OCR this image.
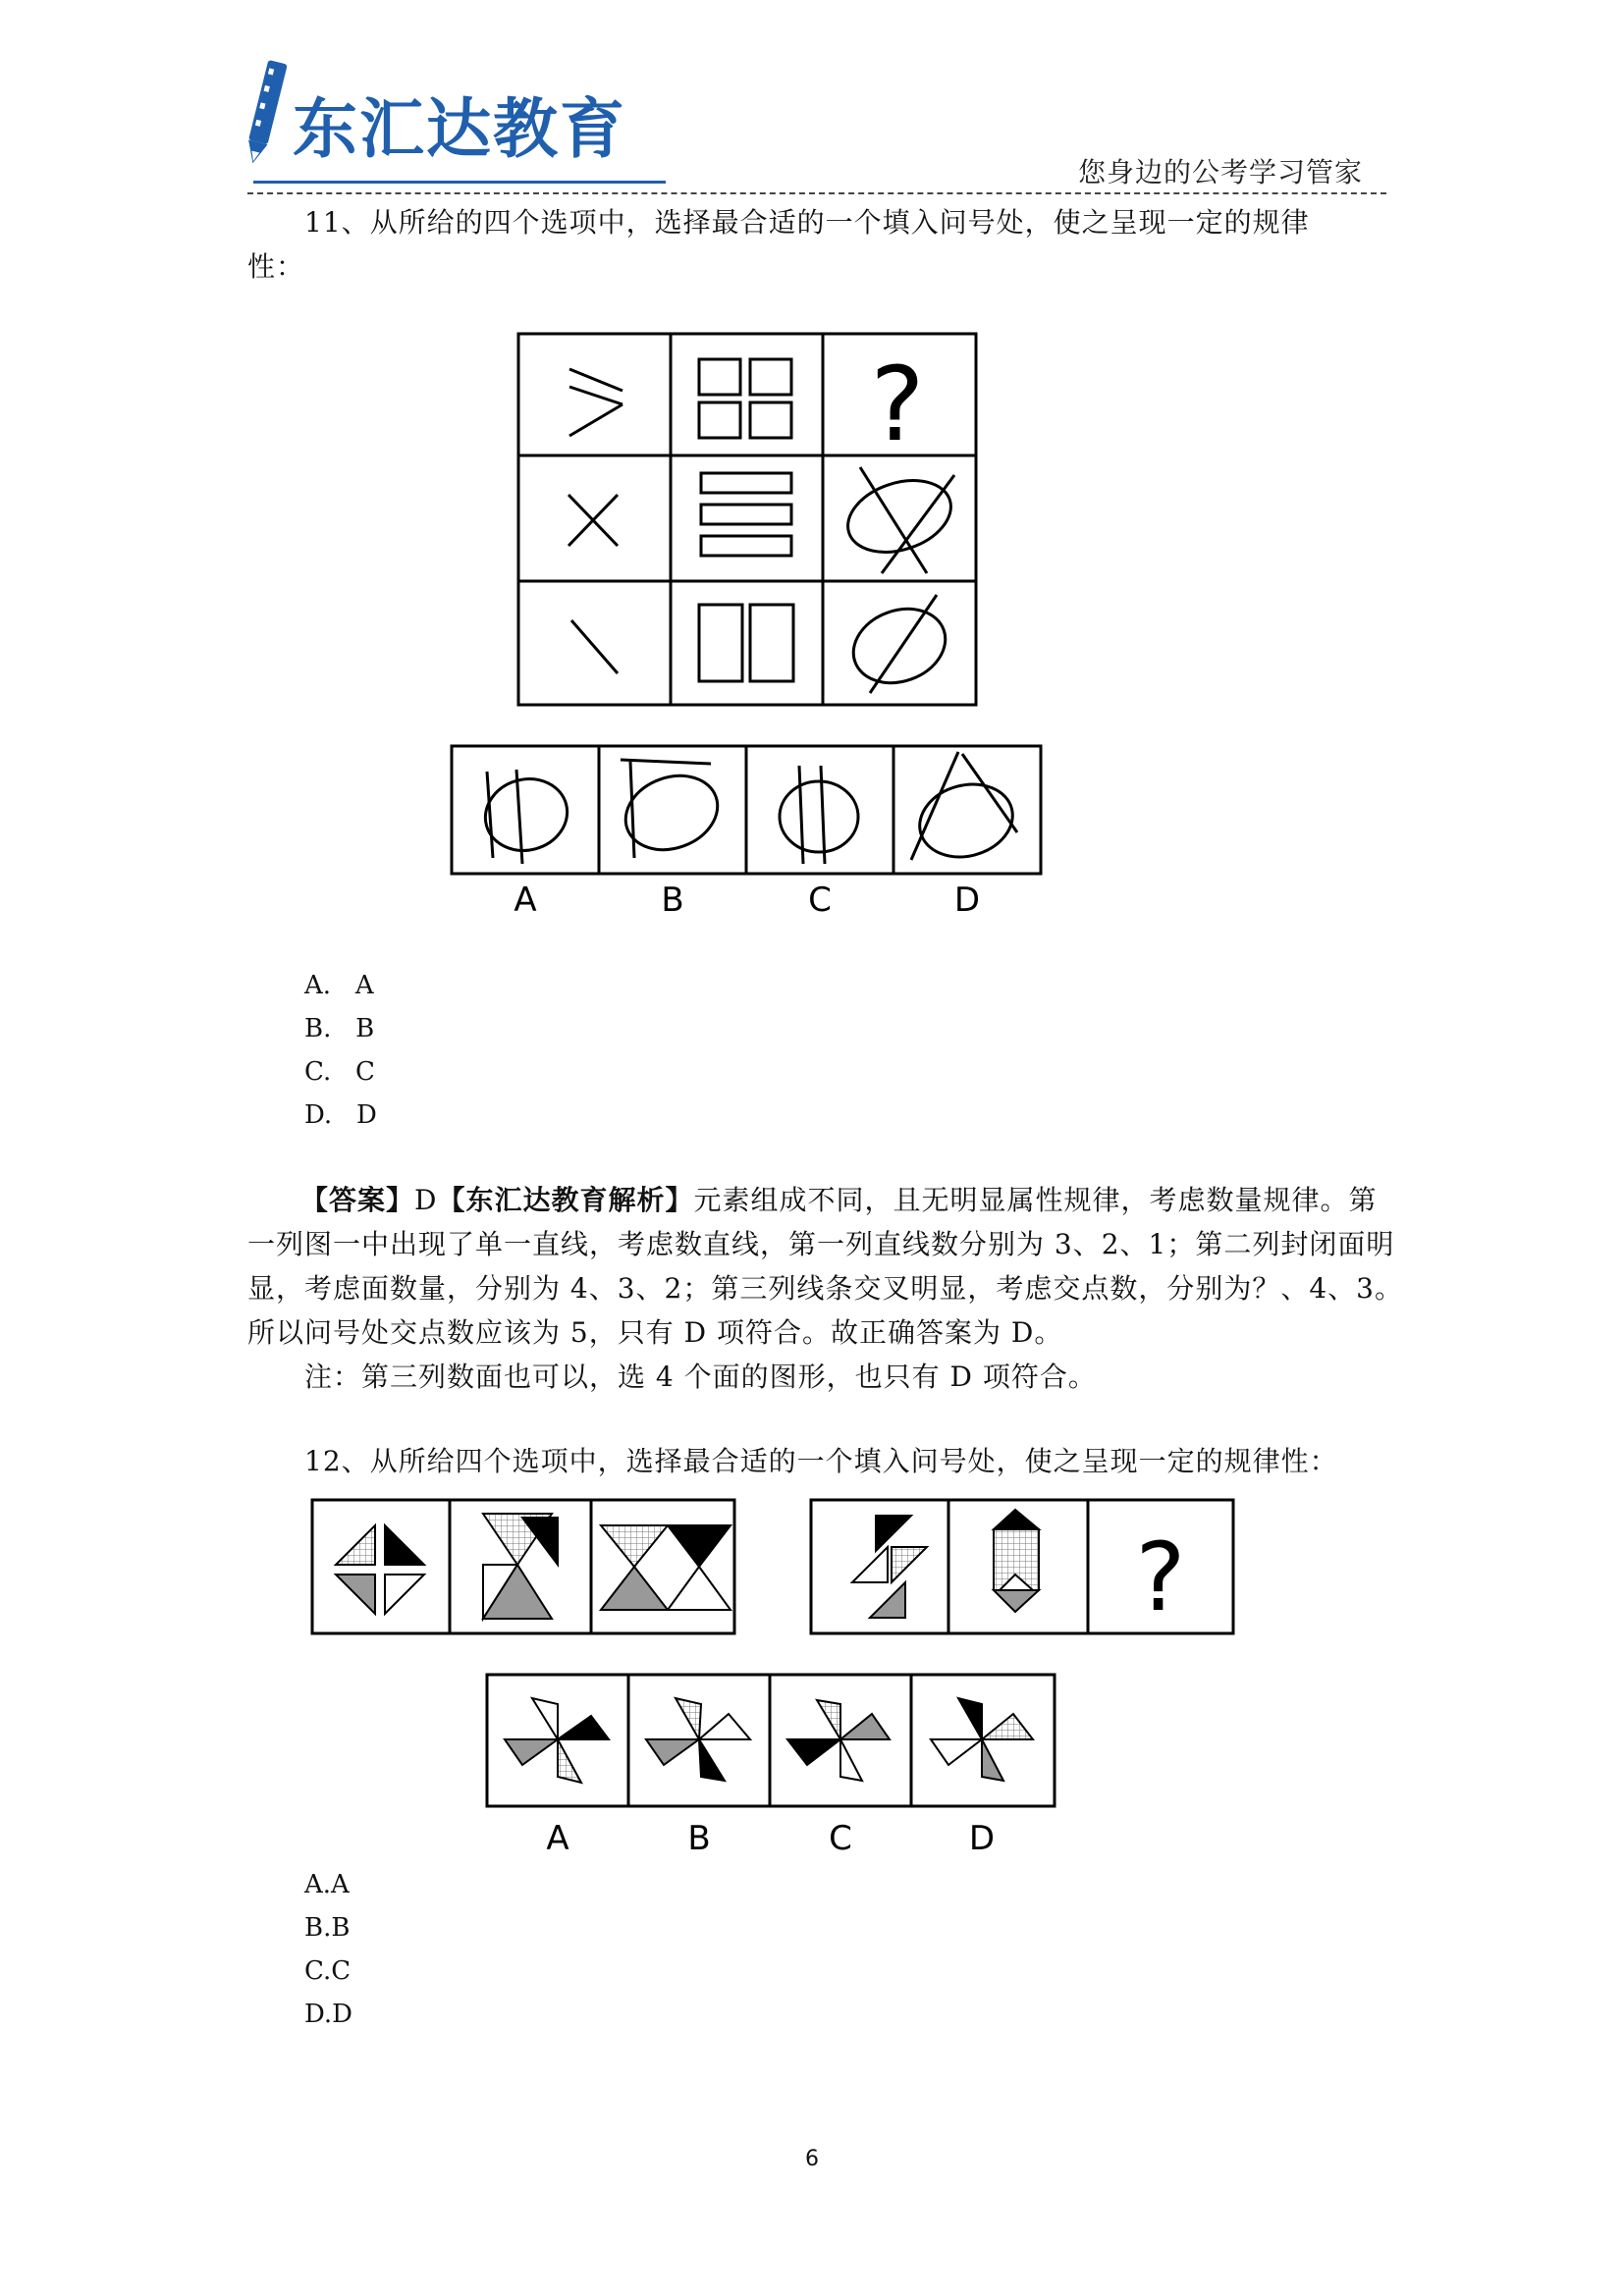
东汇达教育
您身边的公考学习管家
11、从所给的四个选项中，选择最合适的一个填入问号处，使之呈现一定的规律
性：
?
A	B	C	D
A.   A
B.   B
C.   C
D.   D
【答案】D【东汇达教育解析】元素组成不同，且无明显属性规律，考虑数量规律。第
一列图一中出现了单一直线，考虑数直线，第一列直线数分别为 3、2、1；第二列封闭面明
显，考虑面数量，分别为 4、3、2；第三列线条交叉明显，考虑交点数，分别为？、4、3。
所以问号处交点数应该为 5，只有 D 项符合。故正确答案为 D。
注：第三列数面也可以，选 4 个面的图形，也只有 D 项符合。
12、从所给四个选项中，选择最合适的一个填入问号处，使之呈现一定的规律性：
?
A	B	C	D
A.A
B.B
C.C
D.D
6
